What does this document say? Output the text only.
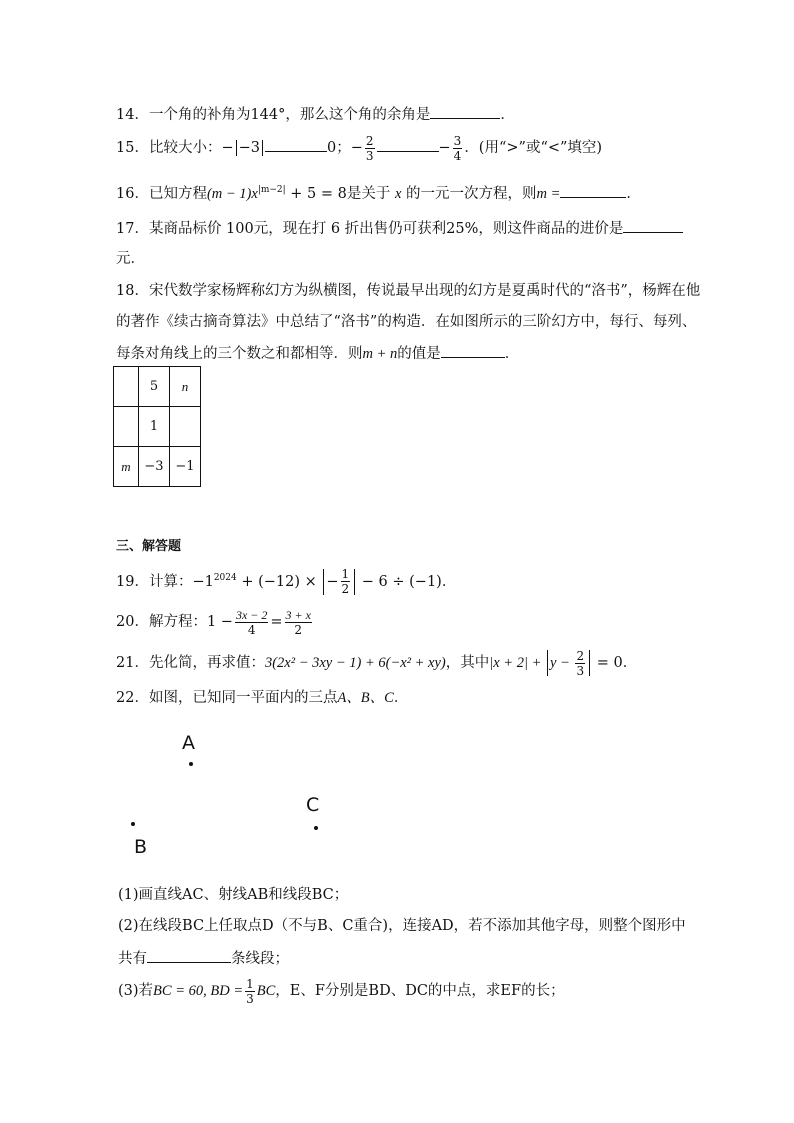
14．一个角的补角为144°，那么这个角的余角是	．
15．比较大小：− −3	0；− $\frac{2}{3}$	− $\frac{3}{4}$ ．(用“>”或“<”填空)
16．已知方程$(m - 1)x^{|m-2|} + 5 = 8$是关于 x 的一元一次方程，则m =	．
17．某商品标价 100元，现在打 6 折出售仍可获利25%，则这件商品的进价是
元．
18．宋代数学家杨辉称幻方为纵横图，传说最早出现的幻方是夏禹时代的“洛书”，杨辉在他
的著作《续古摘奇算法》中总结了“洛书”的构造．在如图所示的三阶幻方中，每行、每列、
每条对角线上的三个数之和都相等．则m + n的值是	．
	5	n
	1	
m	−3	−1
三、解答题
19．计算：$-1^{2024} + (-12)$ × − $\frac{1}{2} - 6 \div (-1)$．
20．解方程：$1 - \frac{3x - 2}{4} = \frac{3 + x}{2}$
21．先化简，再求值：3(2x² − 3xy − 1) + 6(−x² + xy)，其中$|x + 2| + y - \frac{2}{3} = 0$．
22．如图，已知同一平面内的三点A、B、C．
A
C
B
(1)画直线AC、射线AB和线段BC；
(2)在线段BC上任取点D（不与B、C重合)，连接AD，若不添加其他字母，则整个图形中
共有	条线段；
(3)若BC = 60, BD = $\frac{1}{3}$ BC，E、F分别是BD、DC的中点，求EF的长；
